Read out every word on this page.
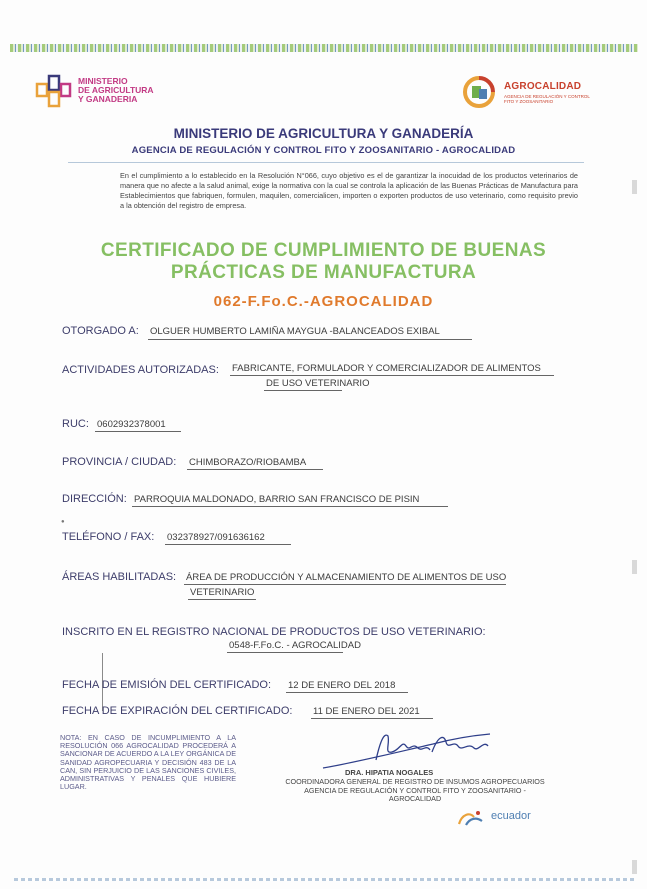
MINISTERIO
DE AGRICULTURA
Y GANADERIA
AGROCALIDAD
AGENCIA DE REGULACIÓN Y CONTROL FITO Y ZOOSANITARIO
MINISTERIO DE AGRICULTURA Y GANADERÍA
AGENCIA DE REGULACIÓN Y CONTROL FITO Y ZOOSANITARIO - AGROCALIDAD
En el cumplimiento a lo establecido en la Resolución N°066, cuyo objetivo es el de garantizar la inocuidad de los productos veterinarios de manera que no afecte a la salud animal, exige la normativa con la cual se controla la aplicación de las Buenas Prácticas de Manufactura para Establecimientos que fabriquen, formulen, maquilen, comercialicen, importen o exporten productos de uso veterinario, como requisito previo a la obtención del registro de empresa.
CERTIFICADO DE CUMPLIMIENTO DE BUENAS
PRÁCTICAS DE MANUFACTURA
062-F.Fo.C.-AGROCALIDAD
OTORGADO A: OLGUER HUMBERTO LAMIÑA MAYGUA -BALANCEADOS EXIBAL
ACTIVIDADES AUTORIZADAS: FABRICANTE, FORMULADOR Y COMERCIALIZADOR DE ALIMENTOS
DE USO VETERINARIO
RUC: 0602932378001
PROVINCIA / CIUDAD: CHIMBORAZO/RIOBAMBA
DIRECCIÓN: PARROQUIA MALDONADO, BARRIO SAN FRANCISCO DE PISIN
●
TELÉFONO / FAX: 032378927/091636162
ÁREAS HABILITADAS: ÁREA DE PRODUCCIÓN Y ALMACENAMIENTO DE ALIMENTOS DE USO
VETERINARIO
INSCRITO EN EL REGISTRO NACIONAL DE PRODUCTOS DE USO VETERINARIO:
0548-F.Fo.C. - AGROCALIDAD
FECHA DE EMISIÓN DEL CERTIFICADO: 12 DE ENERO DEL 2018
FECHA DE EXPIRACIÓN DEL CERTIFICADO: 11 DE ENERO DEL 2021
NOTA: EN CASO DE INCUMPLIMIENTO A LA RESOLUCIÓN 066 AGROCALIDAD PROCEDERÁ A SANCIONAR DE ACUERDO A LA LEY ORGÁNICA DE SANIDAD AGROPECUARIA Y DECISIÓN 483 DE LA CAN, SIN PERJUICIO DE LAS SANCIONES CIVILES, ADMINISTRATIVAS Y PENALES QUE HUBIERE LUGAR.
DRA. HIPATIA NOGALES
COORDINADORA GENERAL DE REGISTRO DE INSUMOS AGROPECUARIOS
AGENCIA DE REGULACIÓN Y CONTROL FITO Y ZOOSANITARIO -
AGROCALIDAD
ecuador
